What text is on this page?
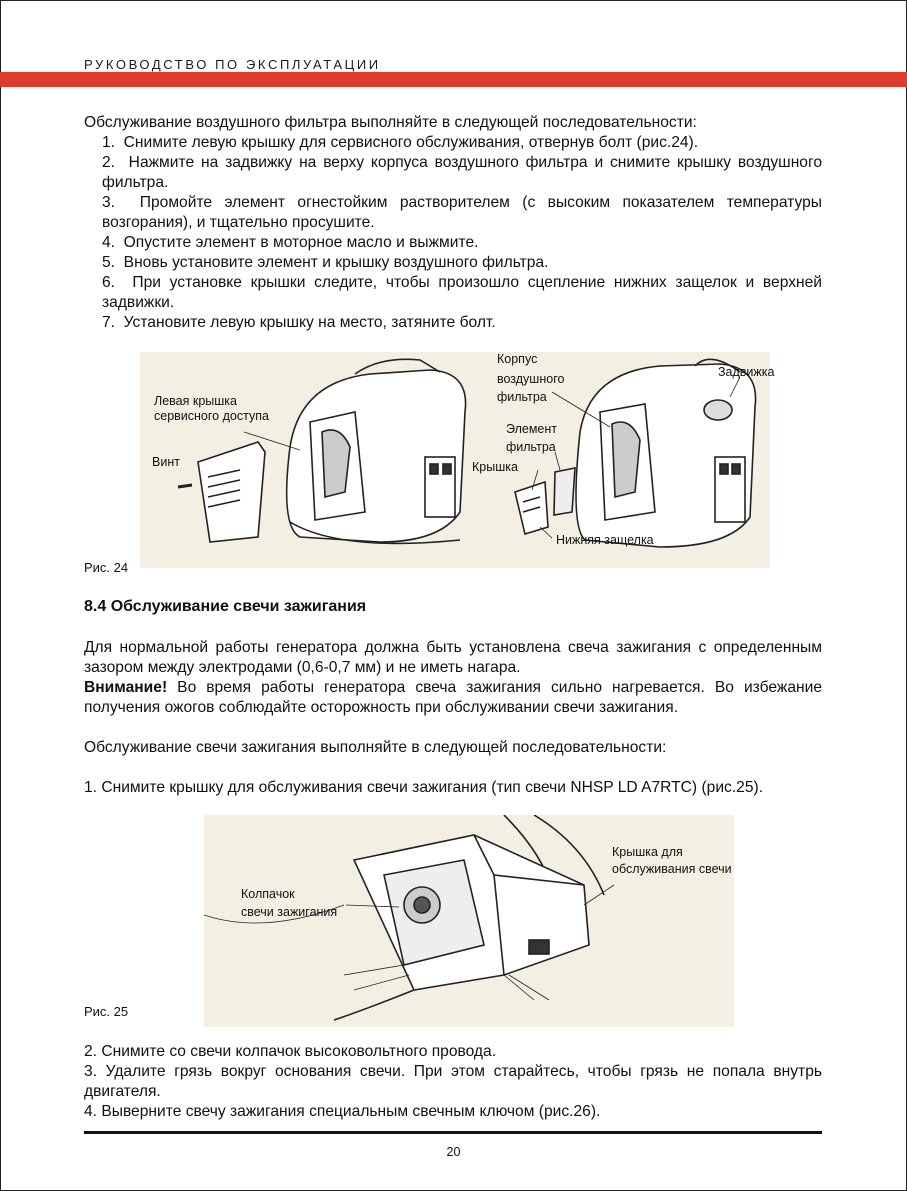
РУКОВОДСТВО ПО ЭКСПЛУАТАЦИИ
Обслуживание воздушного фильтра выполняйте в следующей последовательности:
1.  Снимите левую крышку для сервисного обслуживания, отвернув болт (рис.24).
2.  Нажмите на задвижку на верху корпуса воздушного фильтра и снимите крышку воздушного фильтра.
3.  Промойте элемент огнестойким растворителем (с высоким показателем температуры возгорания), и тщательно просушите.
4.  Опустите элемент в моторное масло и выжмите.
5.  Вновь установите элемент и крышку воздушного фильтра.
6.  При установке крышки следите, чтобы произошло сцепление нижних защелок и верхней задвижки.
7.  Установите левую крышку на место, затяните болт.
Левая крышка
сервисного доступа
Винт
Корпус
воздушного
фильтра
Задвижка
Элемент
фильтра
Крышка
Нижняя защелка
Рис. 24
8.4 Обслуживание свечи зажигания
Для нормальной работы генератора должна быть установлена свеча зажигания с определенным зазором между электродами (0,6-0,7 мм) и не иметь нагара.
Внимание! Во время работы генератора свеча зажигания сильно нагревается. Во избежание получения ожогов соблюдайте осторожность при обслуживании свечи зажигания.
Обслуживание свечи зажигания выполняйте в следующей последовательности:
1. Снимите крышку для обслуживания свечи зажигания (тип свечи NHSP LD A7RTC) (рис.25).
Колпачок
свечи зажигания
Крышка для
обслуживания свечи
Рис. 25
2. Снимите со свечи колпачок высоковольтного провода.
3. Удалите грязь вокруг основания свечи. При этом старайтесь, чтобы грязь не попала внутрь двигателя.
4. Выверните свечу зажигания специальным свечным ключом (рис.26).
20
